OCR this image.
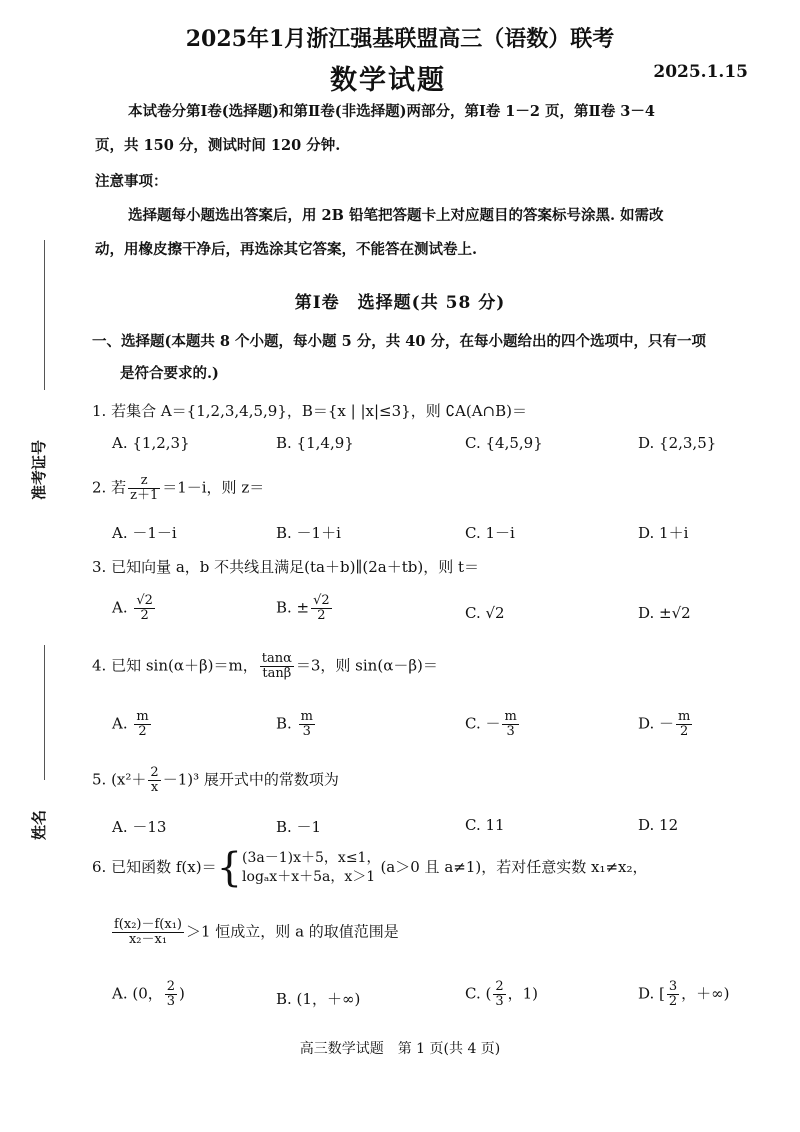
2025年1月浙江强基联盟高三（语数）联考
数学试题	2025.1.15
准考证号
姓名
本试卷分第Ⅰ卷(选择题)和第Ⅱ卷(非选择题)两部分，第Ⅰ卷 1－2 页，第Ⅱ卷 3－4
页，共 150 分，测试时间 120 分钟.
注意事项：
选择题每小题选出答案后，用 2B 铅笔把答题卡上对应题目的答案标号涂黑. 如需改
动，用橡皮擦干净后，再选涂其它答案，不能答在测试卷上.
第Ⅰ卷　选择题(共 58 分)
一、选择题(本题共 8 个小题，每小题 5 分，共 40 分，在每小题给出的四个选项中，只有一项
是符合要求的.)
1. 若集合 A＝{1,2,3,4,5,9}，B＝{x | |x|≤3}，则 ∁A(A∩B)＝
A. {1,2,3}	B. {1,4,9}	C. {4,5,9}	D. {2,3,5}
2. 若 $\frac{z}{z+1} =1-i$，则 z＝
A. －1－i	B. －1＋i	C. 1－i	D. 1＋i
3. 已知向量 a，b 不共线且满足(ta＋b)∥(2a＋tb)，则 t＝
A. $\frac{√2}{2}$	B. ± $\frac{√2}{2}$	C. √2	D. ±√2
4. 已知 sin(α＋β)＝m， $\frac{\tan\alpha}{\tan\beta} =3$，则 sin(α－β)＝
A. $\frac{m}{2}$	B. $\frac{m}{3}$	C. － $\frac{m}{3}$	D. － $\frac{m}{2}$
5. $(x^2+ \frac{2}{x} -1)^3$ 展开式中的常数项为
A. －13	B. －1	C. 11	D. 12
6. 已知函数 f(x)＝{ (3a－1)x＋5，x≤1，
logₐx＋x＋5a，x＞1
(a＞0 且 a≠1)，若对任意实数 x₁≠x₂，
$\frac{\text{f(x₂)－f(x₁)}}{\text{x₂－x₁}} >1$ 恒成立，则 a 的取值范围是
A. (0， $\frac{2}{3}$ )	B. (1，＋∞)	C. ( $\frac{2}{3}$ ，1)	D. [ $\frac{3}{2}$ ，＋∞)
高三数学试题　第 1 页(共 4 页)
